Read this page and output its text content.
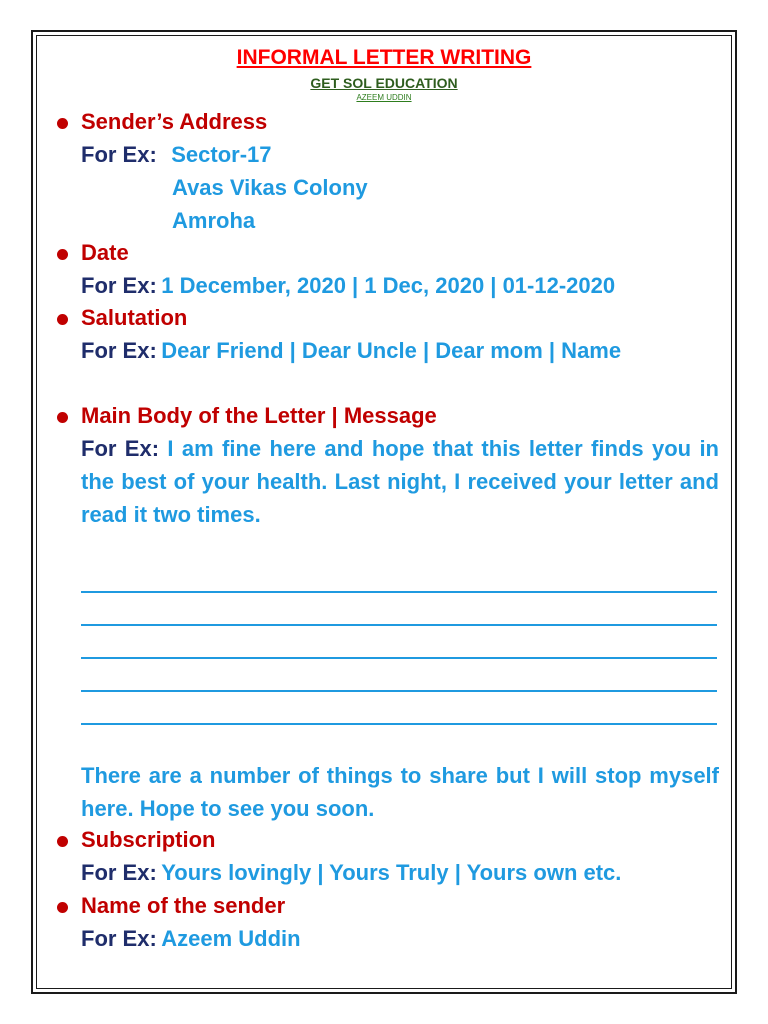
INFORMAL LETTER WRITING
GET SOL EDUCATION
AZEEM UDDIN
Sender’s Address
For Ex: Sector-17
Avas Vikas Colony
Amroha
Date
For Ex: 1 December, 2020 | 1 Dec, 2020 | 01-12-2020
Salutation
For Ex: Dear Friend | Dear Uncle | Dear mom | Name
Main Body of the Letter | Message
For Ex: I am fine here and hope that this letter finds you in the best of your health. Last night, I received your letter and read it two times.
There are a number of things to share but I will stop myself here. Hope to see you soon.
Subscription
For Ex: Yours lovingly | Yours Truly | Yours own etc.
Name of the sender
For Ex: Azeem Uddin
